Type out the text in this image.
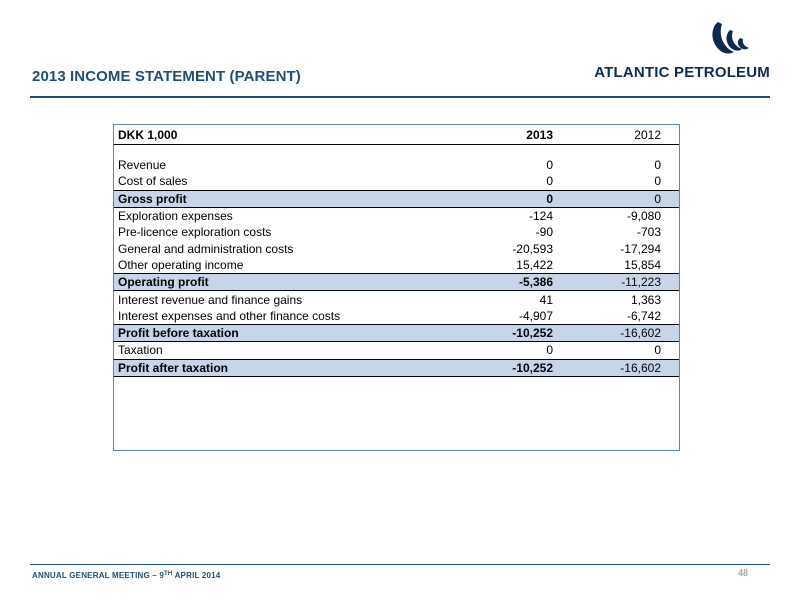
2013 INCOME STATEMENT (PARENT)	ATLANTIC PETROLEUM
DKK 1,000	2013	2012

Revenue	0	0
Cost of sales	0	0
Gross profit	0	0
Exploration expenses	-124	-9,080
Pre-licence exploration costs	-90	-703
General and administration costs	-20,593	-17,294
Other operating income	15,422	15,854
Operating profit	-5,386	-11,223
Interest revenue and finance gains	41	1,363
Interest expenses and other finance costs	-4,907	-6,742
Profit before taxation	-10,252	-16,602
Taxation	0	0
Profit after taxation	-10,252	-16,602
ANNUAL GENERAL MEETING – 9TH APRIL 2014	48
